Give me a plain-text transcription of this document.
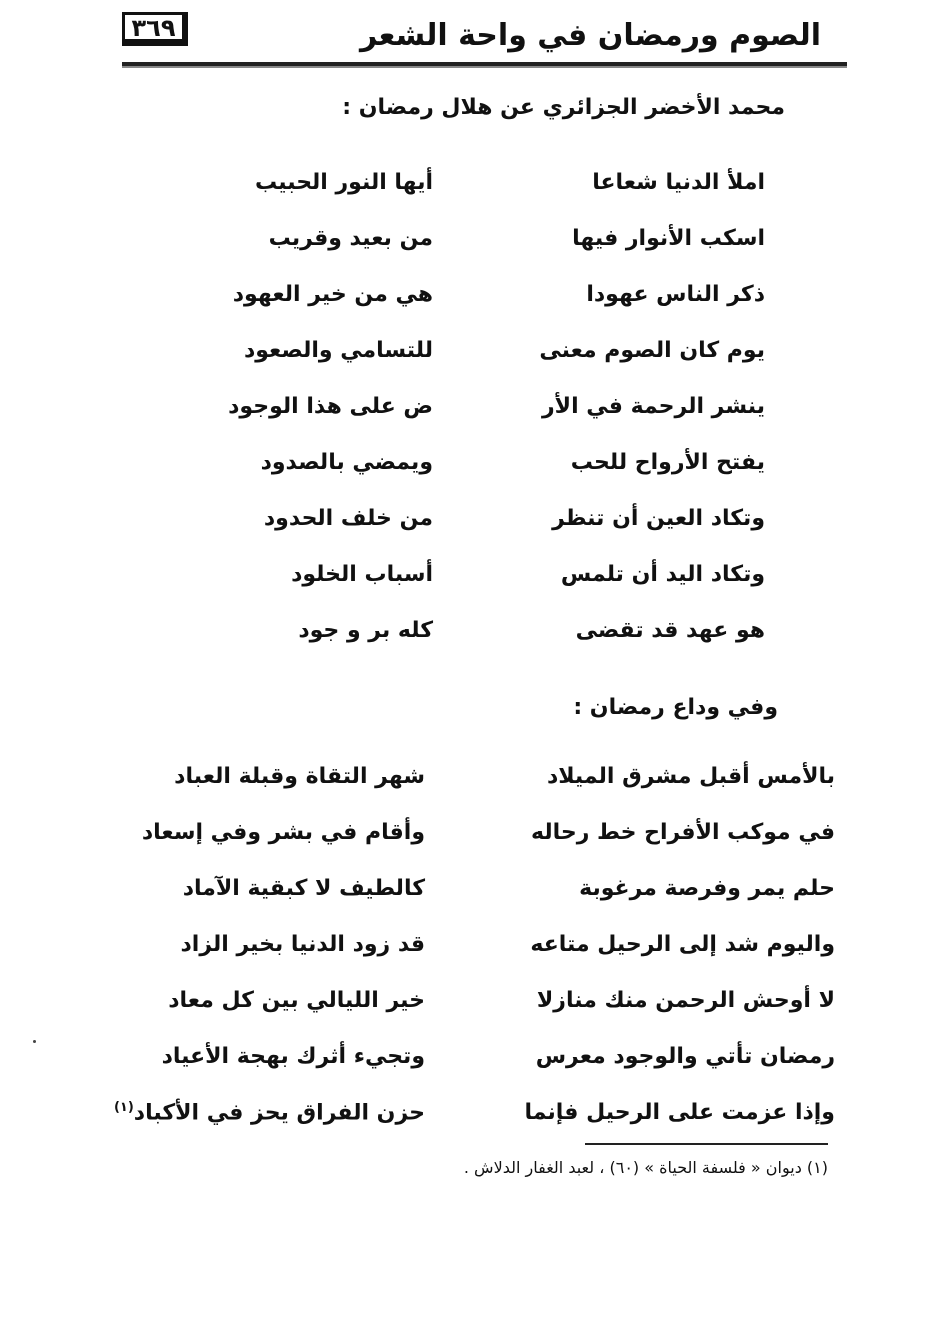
الصوم ورمضان في واحة الشعر
٣٦٩
محمد الأخضر الجزائري عن هلال رمضان :
املأ الدنيا شعاعا
أيها النور الحبيب
اسكب الأنوار فيها
من بعيد وقريب
ذكر الناس عهودا
هي من خير العهود
يوم كان الصوم معنى
للتسامي والصعود
ينشر الرحمة في الأر
ض على هذا الوجود
يفتح الأرواح للحب
ويمضي بالصدود
وتكاد العين أن تنظر
من خلف الحدود
وتكاد اليد أن تلمس
أسباب الخلود
هو عهد قد تقضى
كله بر و جود
وفي وداع رمضان :
بالأمس أقبل مشرق الميلاد
شهر التقاة وقبلة العباد
في موكب الأفراح خط رحاله
وأقام في بشر وفي إسعاد
حلم يمر وفرصة مرغوبة
كالطيف لا كبقية الآماد
واليوم شد إلى الرحيل متاعه
قد زود الدنيا بخير الزاد
لا أوحش الرحمن منك منازلا
خير الليالي بين كل معاد
رمضان تأتي والوجود معرس
وتجيء أثرك بهجة الأعياد
وإذا عزمت على الرحيل فإنما
حزن الفراق يحز في الأكباد$^{(١)}$
(١) ديوان « فلسفة الحياة » (٦٠) ، لعبد الغفار الدلاش .
